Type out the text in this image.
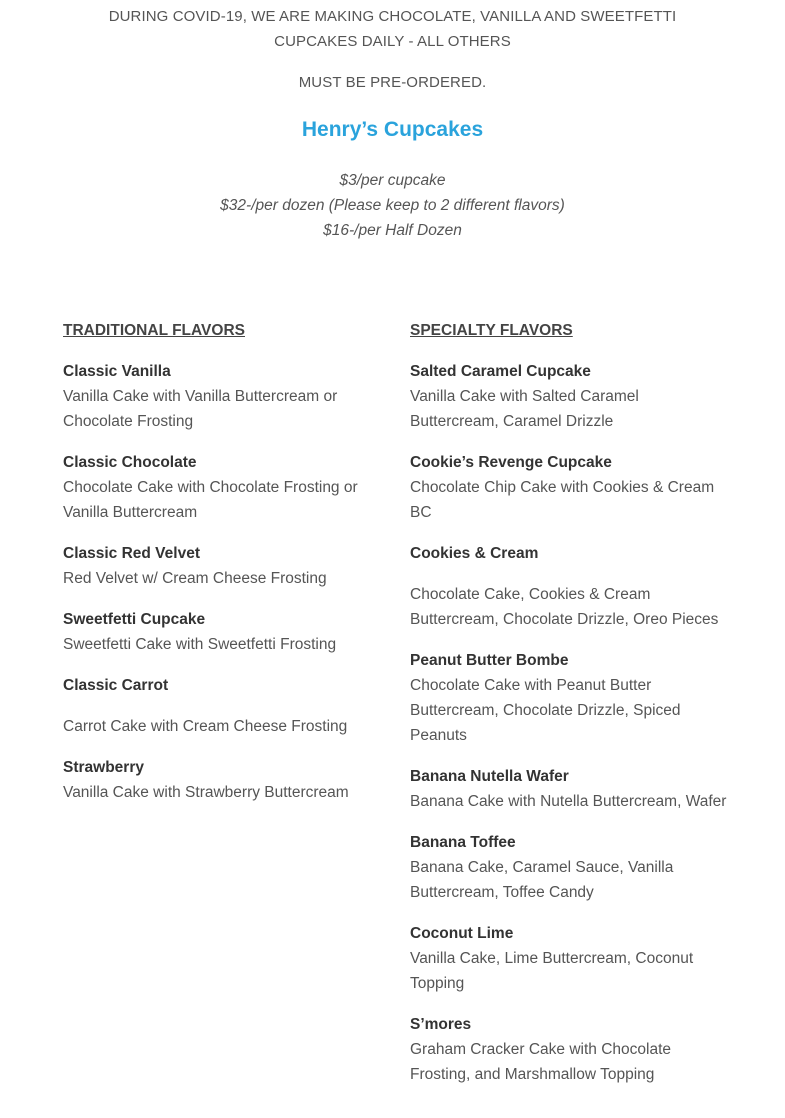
DURING COVID-19, WE ARE MAKING CHOCOLATE, VANILLA AND SWEETFETTI CUPCAKES DAILY - ALL OTHERS
MUST BE PRE-ORDERED.
Henry’s Cupcakes
$3/per cupcake
$32-/per dozen (Please keep to 2 different flavors)
$16-/per Half Dozen
TRADITIONAL FLAVORS
Classic Vanilla
Vanilla Cake with Vanilla Buttercream or Chocolate Frosting
Classic Chocolate
Chocolate Cake with Chocolate Frosting or Vanilla Buttercream
Classic Red Velvet
Red Velvet w/ Cream Cheese Frosting
Sweetfetti Cupcake
Sweetfetti Cake with Sweetfetti Frosting
Classic Carrot
Carrot Cake with Cream Cheese Frosting
Strawberry
Vanilla Cake with Strawberry Buttercream
SPECIALTY FLAVORS
Salted Caramel Cupcake
Vanilla Cake with Salted Caramel Buttercream, Caramel Drizzle
Cookie’s Revenge Cupcake
Chocolate Chip Cake with Cookies & Cream BC
Cookies & Cream
Chocolate Cake, Cookies & Cream Buttercream, Chocolate Drizzle, Oreo Pieces
Peanut Butter Bombe
Chocolate Cake with Peanut Butter Buttercream, Chocolate Drizzle, Spiced Peanuts
Banana Nutella Wafer
Banana Cake with Nutella Buttercream, Wafer
Banana Toffee
Banana Cake, Caramel Sauce, Vanilla Buttercream, Toffee Candy
Coconut Lime
Vanilla Cake, Lime Buttercream, Coconut Topping
S’mores
Graham Cracker Cake with Chocolate Frosting, and Marshmallow Topping
